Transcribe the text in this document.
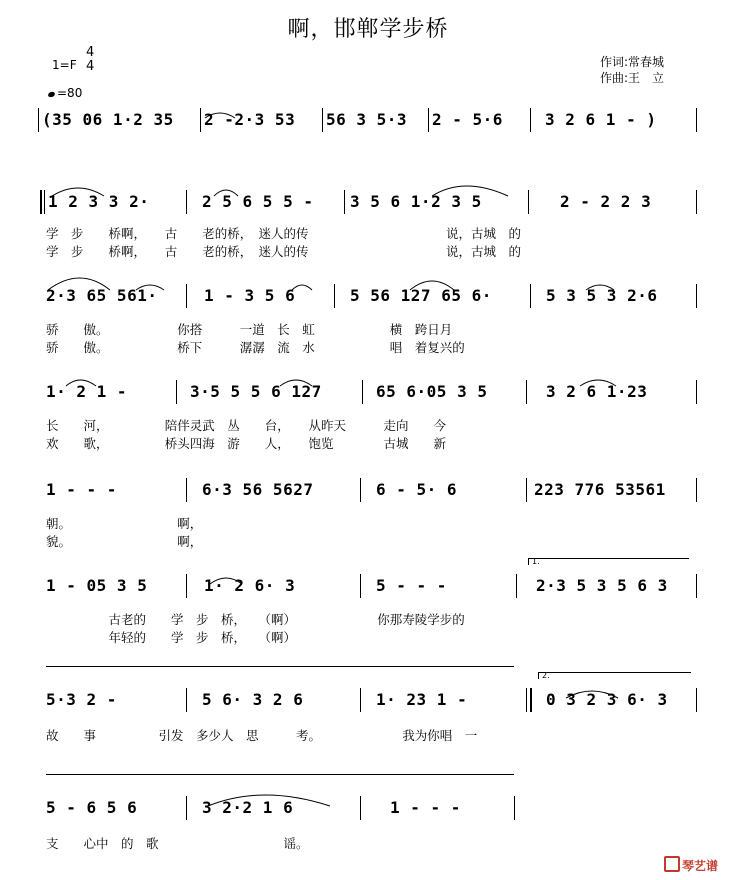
啊，邯郸学步桥
1=F
4
4
=80
作词:常春城
作曲:王　立
(35 06 1·2 35 2 -2·3 53 56 3 5·3 2 - 5·6	3 2 6 1 - )
1 2 3 3 2·	2 5 6 5 5 - 3 5 6 1·2 3 5	2 - 2 2 3
学　步　　桥啊，　　古　　老的桥，　迷人的传　　　　　　　　　　　说，古城　的
学　步　　桥啊，　　古　　老的桥，　迷人的传　　　　　　　　　　　说，古城　的
2·3 65 561·	1 - 3 5 6	5 56 127 65 6·	5 3 5 3 2·6
骄　　傲。　　　　　　你搭　　　一道　长　虹　　　　　　横　跨日月
骄　　傲。　　　　　　桥下　　　潺潺　流　水　　　　　　唱　着复兴的
1· 2 1 -	3·5 5 5 6 127	65 6·05 3 5	3 2 6 1·23
长　　河，　　　　　陪伴灵武　丛　　台，　　从昨天　　　走向　　今
欢　　歌，　　　　　桥头四海　游　　人，　　饱览　　　　古城　　新
1 - - -	6·3 56 5627	6 - 5· 6	223 776 53561
朝。　　　　　　　　　啊，
貌。　　　　　　　　　啊，
1.
1 - 05 3 5	1· 2 6· 3	5 - - -	2·3 5 3 5 6 3
　　　　　古老的　　学　步　桥，　　（啊）　　　　　　　你那寿陵学步的
　　　　　年轻的　　学　步　桥，　　（啊）
2.
5·3 2 -	5 6· 3 2 6	1· 23 1 -	0 3 2 3 6· 3
故　　事　　　　　引发　多少人　思　　　考。　　　　　　　我为你唱　一
5 - 6 5 6	3 2·2 1 6	1 - - -
支　　心中　的　歌　　　　　　　　　　谣。
琴艺谱
